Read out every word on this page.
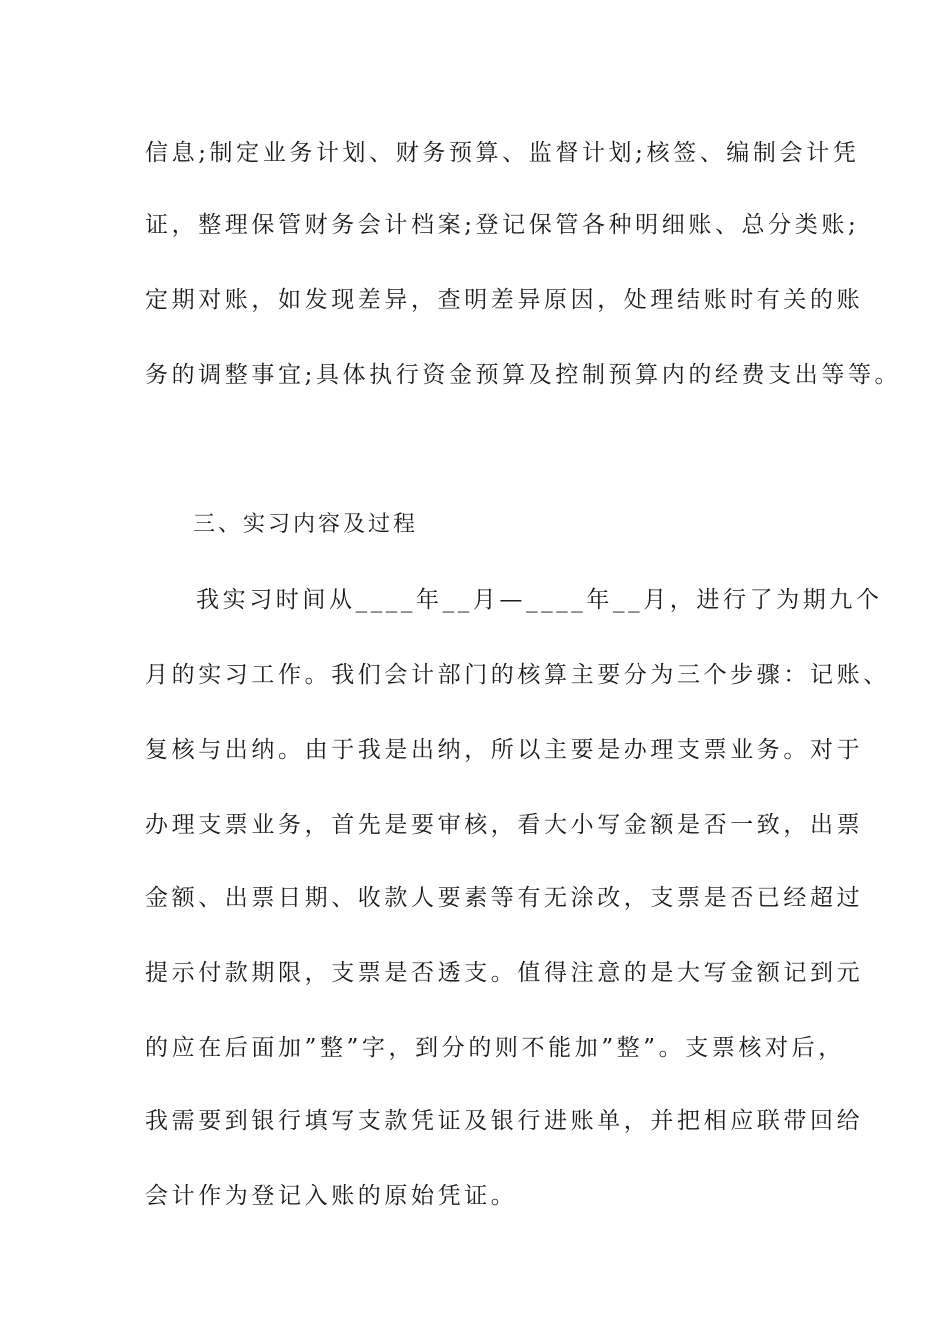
信息;制定业务计划、财务预算、监督计划;核签、编制会计凭
证，整理保管财务会计档案;登记保管各种明细账、总分类账;
定期对账，如发现差异，查明差异原因，处理结账时有关的账
务的调整事宜;具体执行资金预算及控制预算内的经费支出等等。
三、实习内容及过程
我实习时间从____年__月—____年__月，进行了为期九个
月的实习工作。我们会计部门的核算主要分为三个步骤：记账、
复核与出纳。由于我是出纳，所以主要是办理支票业务。对于
办理支票业务，首先是要审核，看大小写金额是否一致，出票
金额、出票日期、收款人要素等有无涂改，支票是否已经超过
提示付款期限，支票是否透支。值得注意的是大写金额记到元
的应在后面加”整”字，到分的则不能加”整”。支票核对后，
我需要到银行填写支款凭证及银行进账单，并把相应联带回给
会计作为登记入账的原始凭证。
